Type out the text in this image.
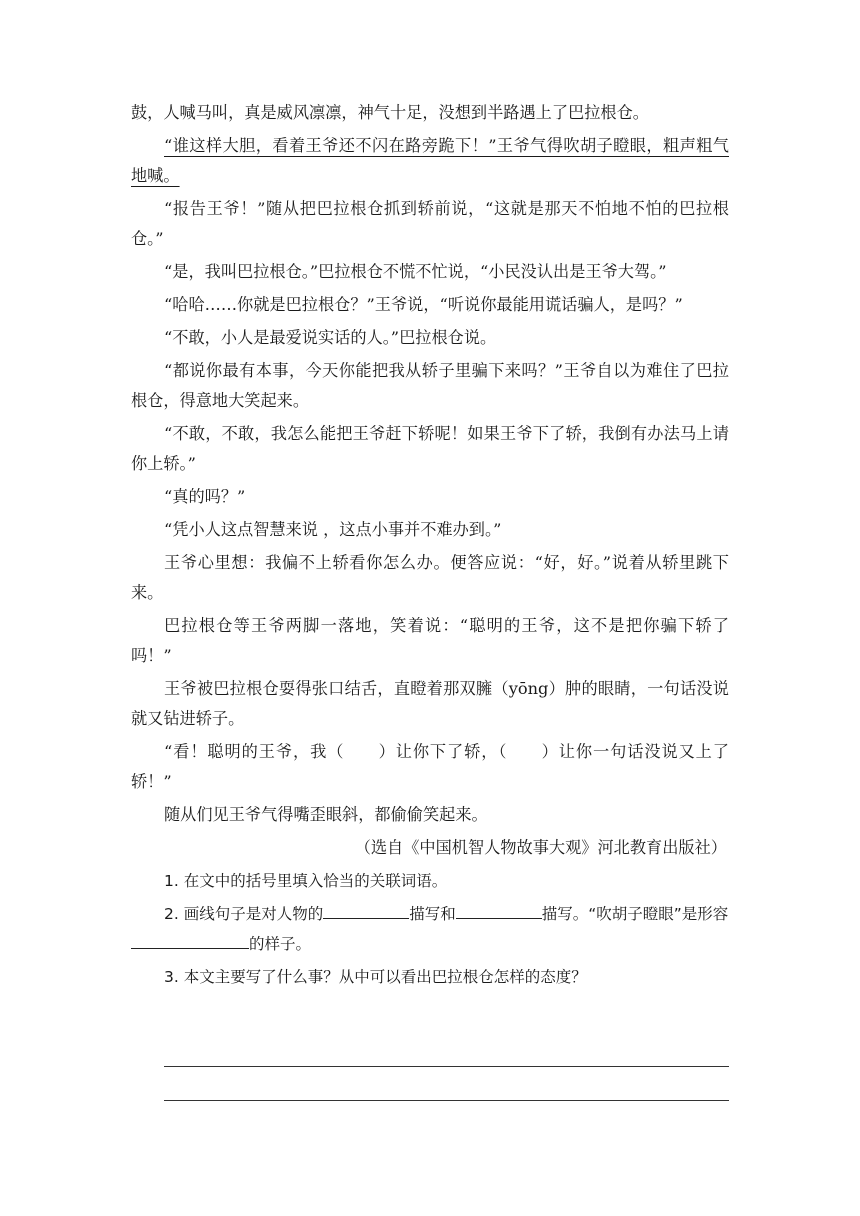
鼓，人喊马叫，真是威风凛凛，神气十足，没想到半路遇上了巴拉根仓。

“谁这样大胆，看着王爷还不闪在路旁跪下！”王爷气得吹胡子瞪眼，粗声粗气地喊。

“报告王爷！”随从把巴拉根仓抓到轿前说，“这就是那天不怕地不怕的巴拉根仓。”

“是，我叫巴拉根仓。”巴拉根仓不慌不忙说，“小民没认出是王爷大驾。”

“哈哈……你就是巴拉根仓？”王爷说，“听说你最能用谎话骗人，是吗？”

“不敢，小人是最爱说实话的人。”巴拉根仓说。

“都说你最有本事，今天你能把我从轿子里骗下来吗？”王爷自以为难住了巴拉根仓，得意地大笑起来。

“不敢，不敢，我怎么能把王爷赶下轿呢！如果王爷下了轿，我倒有办法马上请你上轿。”

“真的吗？”

“凭小人这点智慧来说 ，这点小事并不难办到。”

王爷心里想：我偏不上轿看你怎么办。便答应说：“好，好。”说着从轿里跳下来。

巴拉根仓等王爷两脚一落地，笑着说：“聪明的王爷，这不是把你骗下轿了吗！”

王爷被巴拉根仓耍得张口结舌，直瞪着那双臃（yōng）肿的眼睛，一句话没说就又钻进轿子。

“看！聪明的王爷，我（　　）让你下了轿，（　　）让你一句话没说又上了轿！”

随从们见王爷气得嘴歪眼斜，都偷偷笑起来。

（选自《中国机智人物故事大观》河北教育出版社）

1. 在文中的括号里填入恰当的关联词语。

2. 画线句子是对人物的	描写和	描写。“吹胡子瞪眼”是形容的样子。

3. 本文主要写了什么事？从中可以看出巴拉根仓怎样的态度？
